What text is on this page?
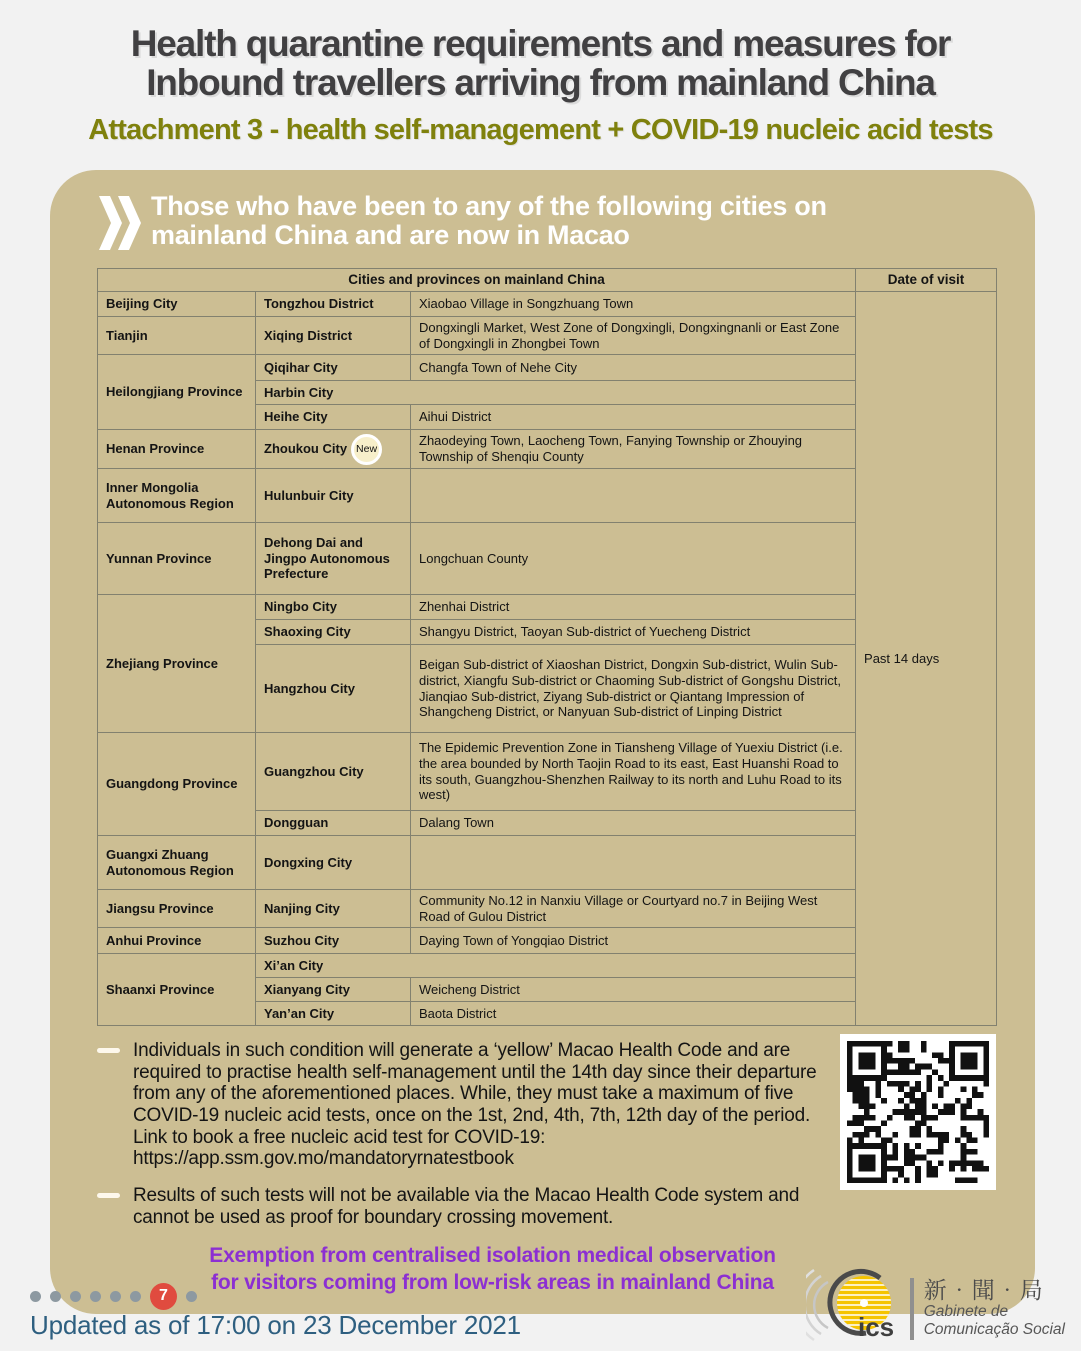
Health quarantine requirements and measures for
Inbound travellers arriving from mainland China
Attachment 3 - health self-management + COVID-19 nucleic acid tests
Those who have been to any of the following cities on
mainland China and are now in Macao
Cities and provinces on mainland China			Date of visit
Beijing City	Tongzhou District	Xiaobao Village in Songzhuang Town	Past 14 days
Tianjin	Xiqing District	Dongxingli Market, West Zone of Dongxingli, Dongxingnanli or East Zone of Dongxingli in Zhongbei Town	
Heilongjiang Province	Qiqihar City	Changfa Town of Nehe City	
	Harbin City		
	Heihe City	Aihui District	
Henan Province	Zhoukou City New	Zhaodeying Town, Laocheng Town, Fanying Township or Zhouying Township of Shenqiu County	
Inner Mongolia Autonomous Region	Hulunbuir City		
Yunnan Province	Dehong Dai and Jingpo Autonomous Prefecture	Longchuan County	
Zhejiang Province	Ningbo City	Zhenhai District	
	Shaoxing City	Shangyu District, Taoyan Sub-district of Yuecheng District	
	Hangzhou City	Beigan Sub-district of Xiaoshan District, Dongxin Sub-district, Wulin Sub-district, Xiangfu Sub-district or Chaoming Sub-district of Gongshu District, Jianqiao Sub-district, Ziyang Sub-district or Qiantang Impression of Shangcheng District, or Nanyuan Sub-district of Linping District	
Guangdong Province	Guangzhou City	The Epidemic Prevention Zone in Tiansheng Village of Yuexiu District (i.e. the area bounded by North Taojin Road to its east, East Huanshi Road to its south, Guangzhou-Shenzhen Railway to its north and Luhu Road to its west)	
	Dongguan	Dalang Town	
Guangxi Zhuang Autonomous Region	Dongxing City		
Jiangsu Province	Nanjing City	Community No.12 in Nanxiu Village or Courtyard no.7 in Beijing West Road of Gulou District	
Anhui Province	Suzhou City	Daying Town of Yongqiao District	
Shaanxi Province	Xi’an City		
	Xianyang City	Weicheng District	
	Yan’an City	Baota District	
Individuals in such condition will generate a ‘yellow’ Macao Health Code and are required to practise health self-management until the 14th day since their departure from any of the aforementioned places. While, they must take a maximum of five COVID-19 nucleic acid tests, once on the 1st, 2nd, 4th, 7th, 12th day of the period. Link to book a free nucleic acid test for COVID-19: https://app.ssm.gov.mo/mandatoryrnatestbook
Results of such tests will not be available via the Macao Health Code system and cannot be used as proof for boundary crossing movement.
Exemption from centralised isolation medical observation
for visitors coming from low-risk areas in mainland China
7
Updated as of 17:00 on 23 December 2021	ics
新‧聞‧局
Gabinete de
Comunicação Social
